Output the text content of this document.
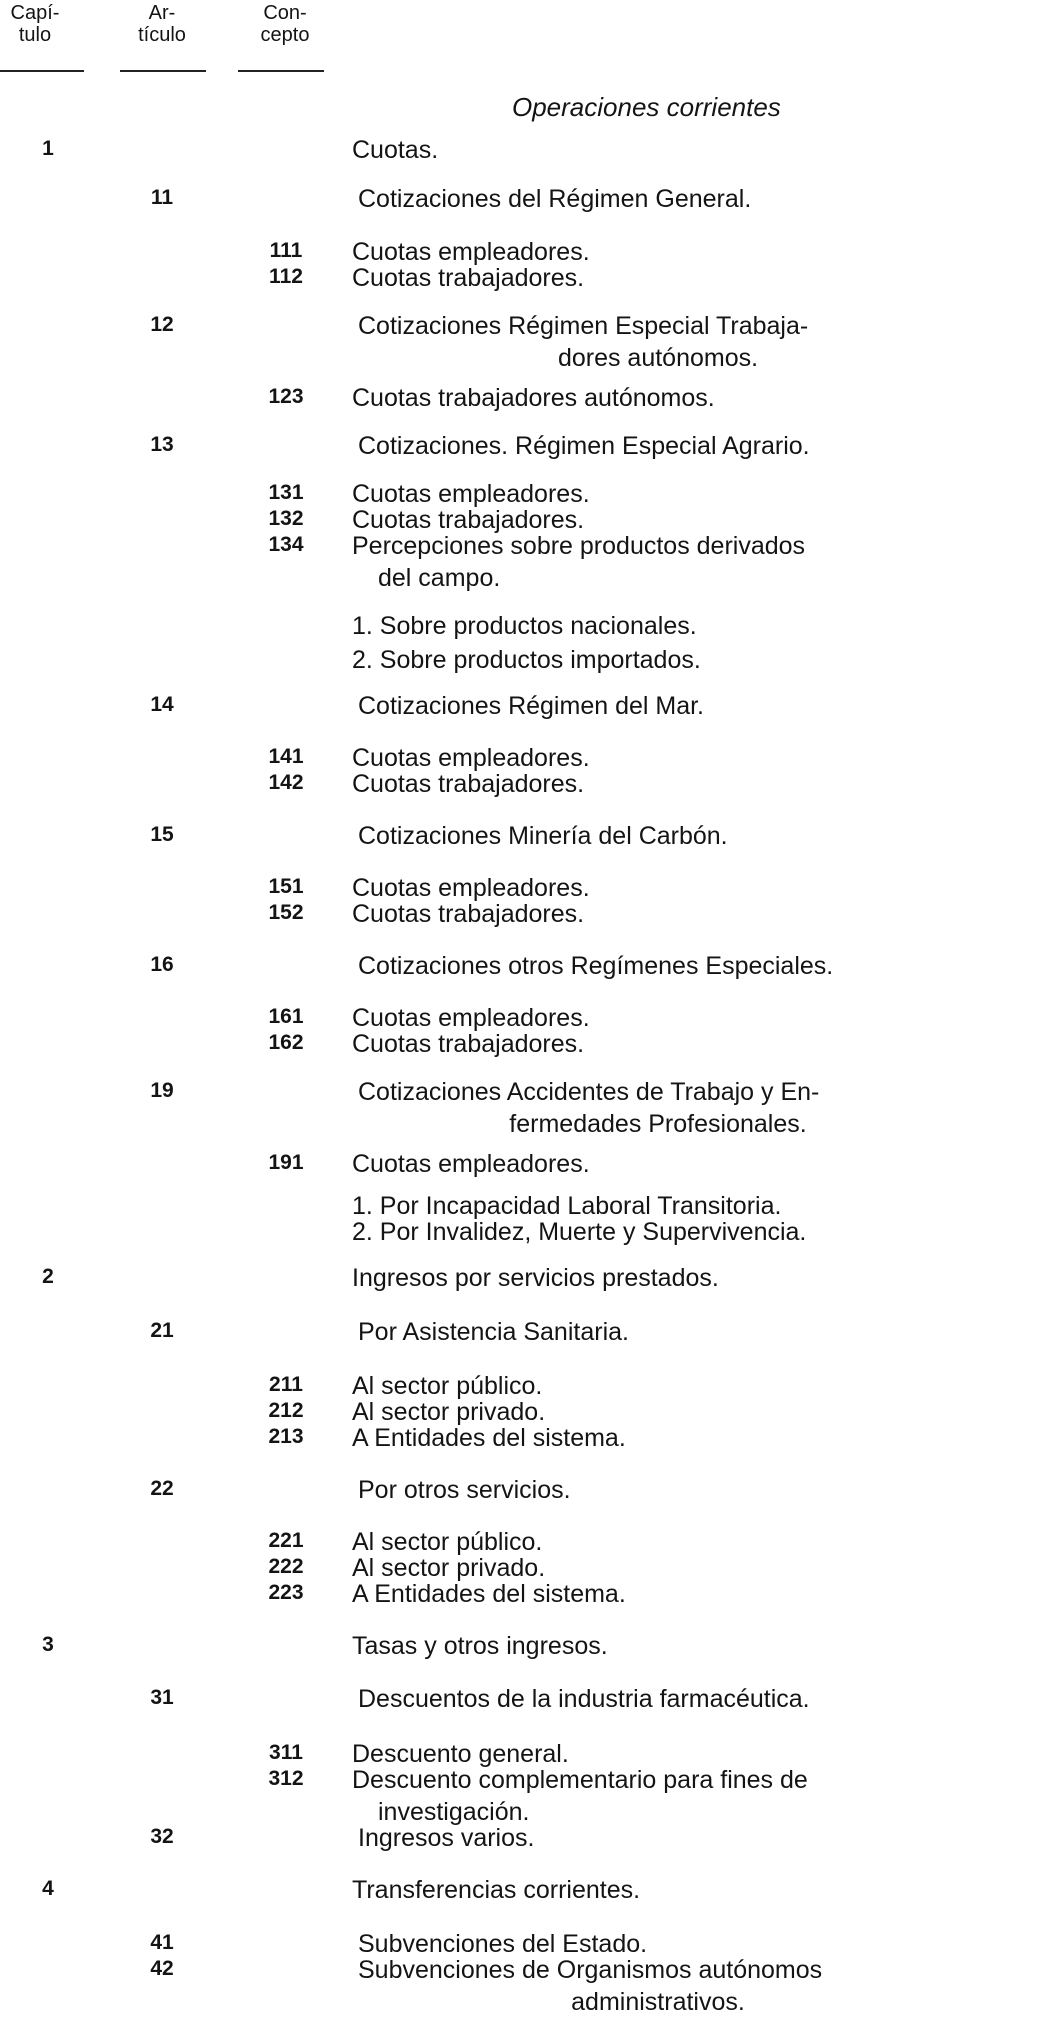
Capí-
tulo
Ar-
tículo
Con-
cepto
Operaciones corrientes
1	Cuotas.
11	Cotizaciones del Régimen General.
111	Cuotas empleadores.
112	Cuotas trabajadores.
12	Cotizaciones Régimen Especial Trabaja-
dores autónomos.
123	Cuotas trabajadores autónomos.
13	Cotizaciones. Régimen Especial Agrario.
131	Cuotas empleadores.
132	Cuotas trabajadores.
134	Percepciones sobre productos derivados
del campo.
1. Sobre productos nacionales.
2. Sobre productos importados.
14	Cotizaciones Régimen del Mar.
141	Cuotas empleadores.
142	Cuotas trabajadores.
15	Cotizaciones Minería del Carbón.
151	Cuotas empleadores.
152	Cuotas trabajadores.
16	Cotizaciones otros Regímenes Especiales.
161	Cuotas empleadores.
162	Cuotas trabajadores.
19	Cotizaciones Accidentes de Trabajo y En-
fermedades Profesionales.
191	Cuotas empleadores.
1. Por Incapacidad Laboral Transitoria.
2. Por Invalidez, Muerte y Supervivencia.
2	Ingresos por servicios prestados.
21	Por Asistencia Sanitaria.
211	Al sector público.
212	Al sector privado.
213	A Entidades del sistema.
22	Por otros servicios.
221	Al sector público.
222	Al sector privado.
223	A Entidades del sistema.
3	Tasas y otros ingresos.
31	Descuentos de la industria farmacéutica.
311	Descuento general.
312	Descuento complementario para fines de
investigación.
32	Ingresos varios.
4	Transferencias corrientes.
41	Subvenciones del Estado.
42	Subvenciones de Organismos autónomos
administrativos.
